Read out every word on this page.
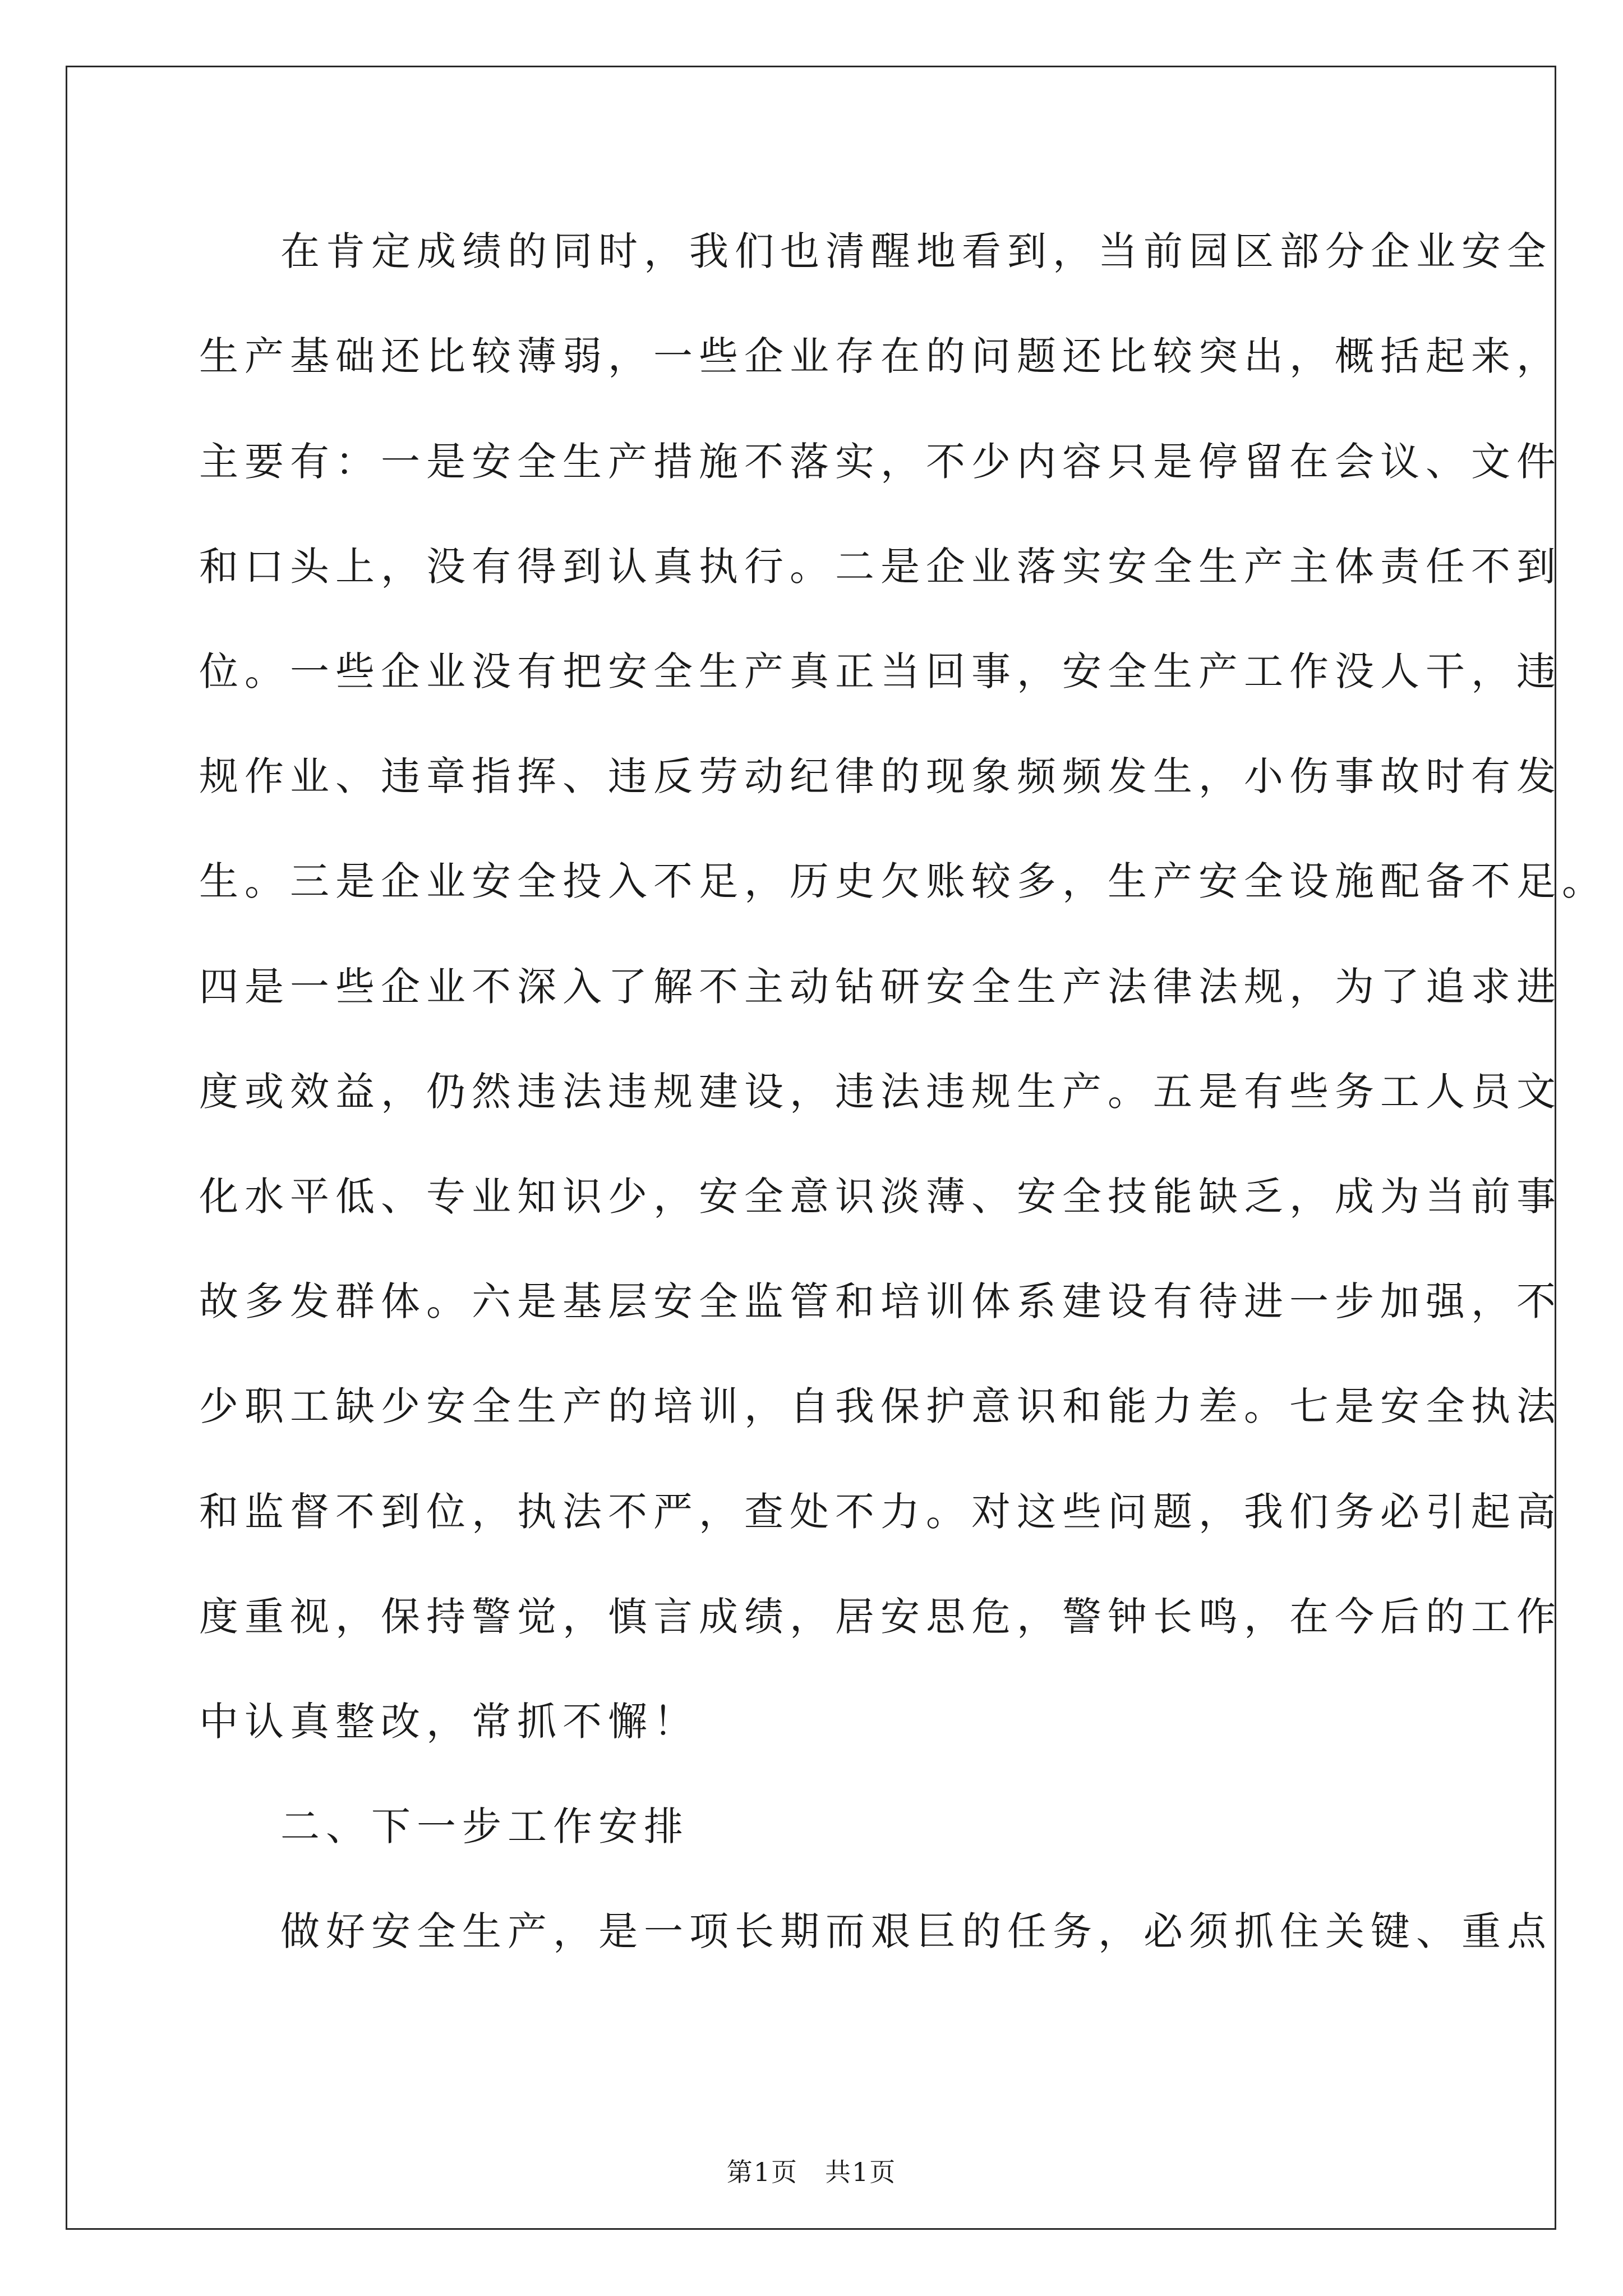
在肯定成绩的同时，我们也清醒地看到，当前园区部分企业安全
生产基础还比较薄弱，一些企业存在的问题还比较突出，概括起来，
主要有：一是安全生产措施不落实，不少内容只是停留在会议、文件
和口头上，没有得到认真执行。二是企业落实安全生产主体责任不到
位。一些企业没有把安全生产真正当回事，安全生产工作没人干，违
规作业、违章指挥、违反劳动纪律的现象频频发生，小伤事故时有发
生。三是企业安全投入不足，历史欠账较多，生产安全设施配备不足。
四是一些企业不深入了解不主动钻研安全生产法律法规，为了追求进
度或效益，仍然违法违规建设，违法违规生产。五是有些务工人员文
化水平低、专业知识少，安全意识淡薄、安全技能缺乏，成为当前事
故多发群体。六是基层安全监管和培训体系建设有待进一步加强，不
少职工缺少安全生产的培训，自我保护意识和能力差。七是安全执法
和监督不到位，执法不严，查处不力。对这些问题，我们务必引起高
度重视，保持警觉，慎言成绩，居安思危，警钟长鸣，在今后的工作
中认真整改，常抓不懈！
二、下一步工作安排
做好安全生产，是一项长期而艰巨的任务，必须抓住关键、重点
第1页　共1页
